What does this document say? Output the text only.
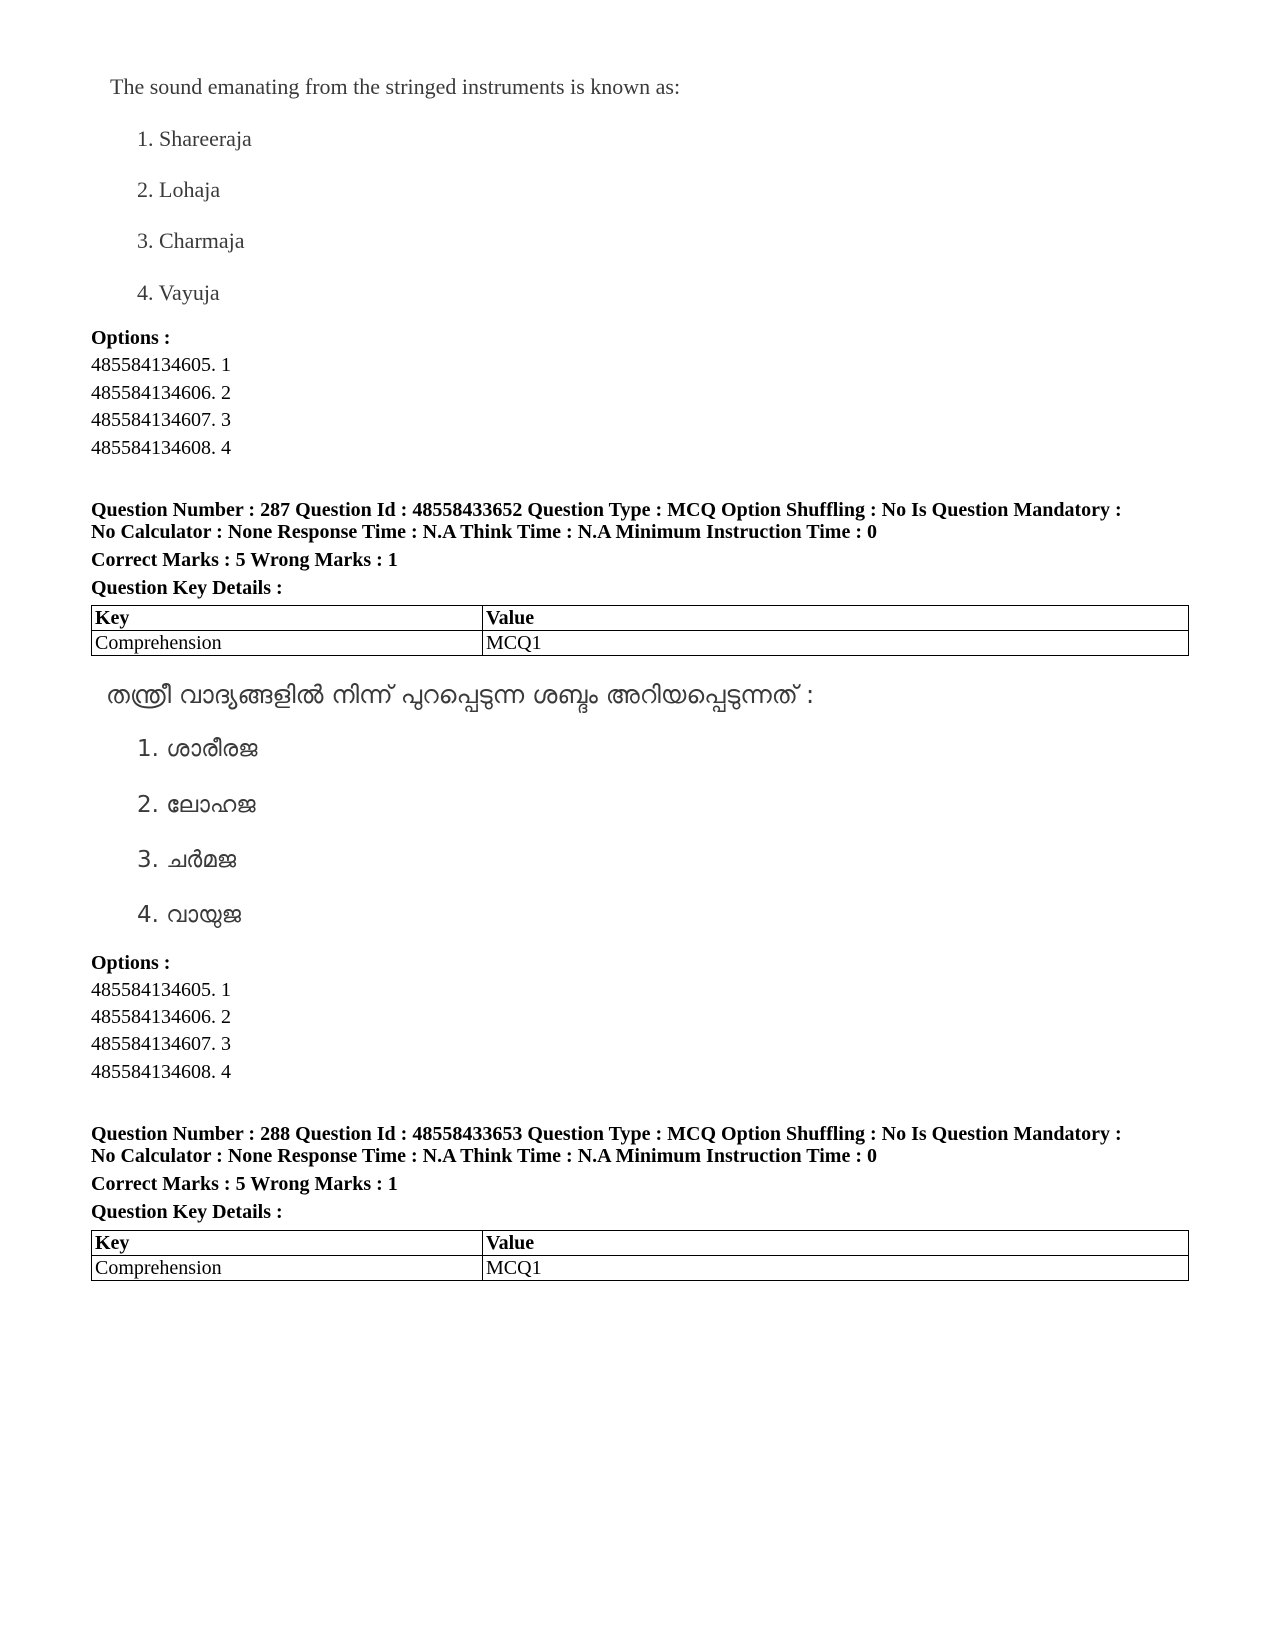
The sound emanating from the stringed instruments is known as:
1. Shareeraja
2. Lohaja
3. Charmaja
4. Vayuja
Options :
485584134605. 1
485584134606. 2
485584134607. 3
485584134608. 4
Question Number : 287 Question Id : 48558433652 Question Type : MCQ Option Shuffling : No Is Question Mandatory :
No Calculator : None Response Time : N.A Think Time : N.A Minimum Instruction Time : 0
Correct Marks : 5 Wrong Marks : 1
Question Key Details :
Key	Value
Comprehension	MCQ1
തന്ത്രീ വാദ്യങ്ങളിൽ നിന്ന് പുറപ്പെടുന്ന ശബ്ദം അറിയപ്പെടുന്നത് :
1. ശാരീരജ
2. ലോഹജ
3. ചർമജ
4. വായുജ
Options :
485584134605. 1
485584134606. 2
485584134607. 3
485584134608. 4
Question Number : 288 Question Id : 48558433653 Question Type : MCQ Option Shuffling : No Is Question Mandatory :
No Calculator : None Response Time : N.A Think Time : N.A Minimum Instruction Time : 0
Correct Marks : 5 Wrong Marks : 1
Question Key Details :
Key	Value
Comprehension	MCQ1
